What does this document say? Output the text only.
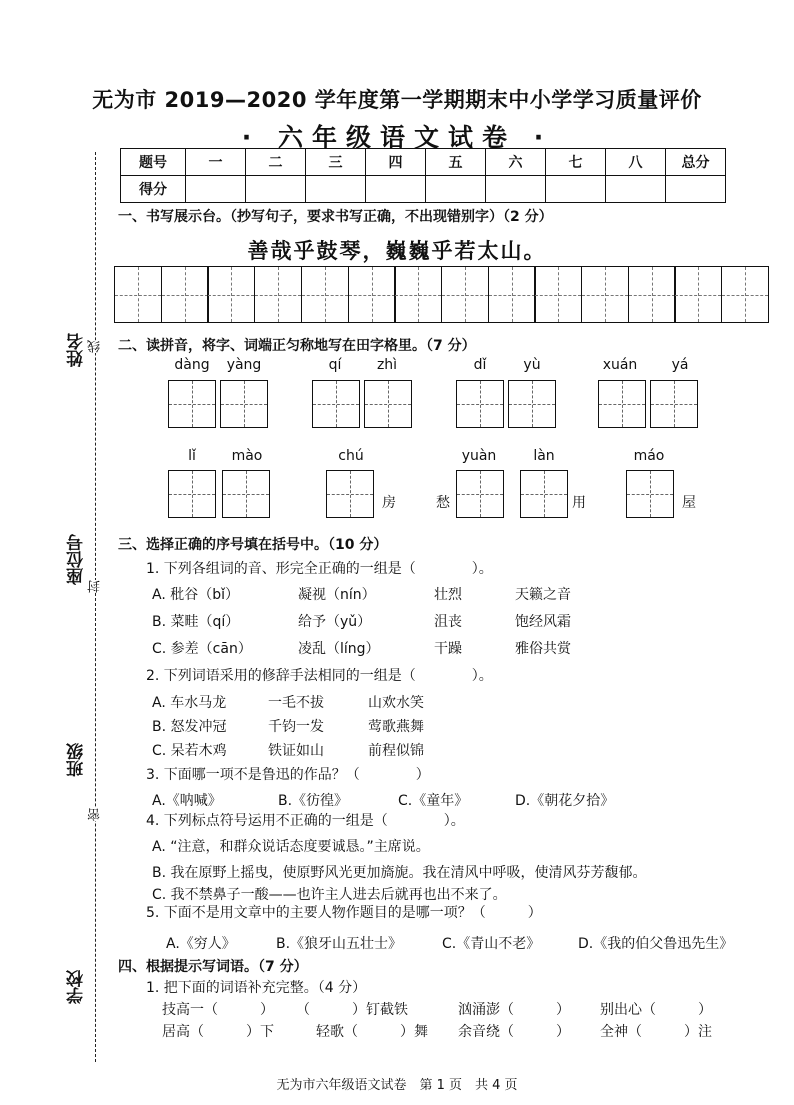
无为市 2019—2020 学年度第一学期期末中小学学习质量评价
· 六年级语文试卷 ·
姓名
座位号
班级
学校
线
封
密
题号	一	二	三	四	五	六	七	八	总分
得分									
一、书写展示台。（抄写句子，要求书写正确，不出现错别字）（2 分）
善哉乎鼓琴，巍巍乎若太山。
二、读拼音，将字、词端正匀称地写在田字格里。（7 分）
dàng	yàng	qí	zhì	dǐ	yù	xuán	yá
lǐ	mào	chú	yuàn	làn	máo
房	愁	用	屋
三、选择正确的序号填在括号中。（10 分）
1. 下列各组词的音、形完全正确的一组是（　　　　）。
A. 秕谷（bǐ）	凝视（nín）	壮烈	天籁之音
B. 菜畦（qí）	给予（yǔ）	沮丧	饱经风霜
C. 参差（cān）	凌乱（líng）	干躁	雅俗共赏
2. 下列词语采用的修辞手法相同的一组是（　　　　）。
A. 车水马龙	一毛不拔	山欢水笑
B. 怒发冲冠	千钧一发	莺歌燕舞
C. 呆若木鸡	铁证如山	前程似锦
3. 下面哪一项不是鲁迅的作品？（　　　　）
A.《呐喊》	B.《彷徨》	C.《童年》	D.《朝花夕拾》
4. 下列标点符号运用不正确的一组是（　　　　）。
A. “注意，和群众说话态度要诚恳。”主席说。
B. 我在原野上摇曳，使原野风光更加旖旎。我在清风中呼吸，使清风芬芳馥郁。
C. 我不禁鼻子一酸——也许主人进去后就再也出不来了。
5. 下面不是用文章中的主要人物作题目的是哪一项？（　　　）
A.《穷人》	B.《狼牙山五壮士》	C.《青山不老》	D.《我的伯父鲁迅先生》
四、根据提示写词语。（7 分）
1. 把下面的词语补充完整。（4 分）
技高一（　　　） （　　　）钉截铁	汹涌澎（　　　） 别出心（　　　）
居高（　　　）下	轻歌（　　　）舞 余音绕（　　　） 全神（　　　）注
无为市六年级语文试卷　第 1 页　共 4 页
